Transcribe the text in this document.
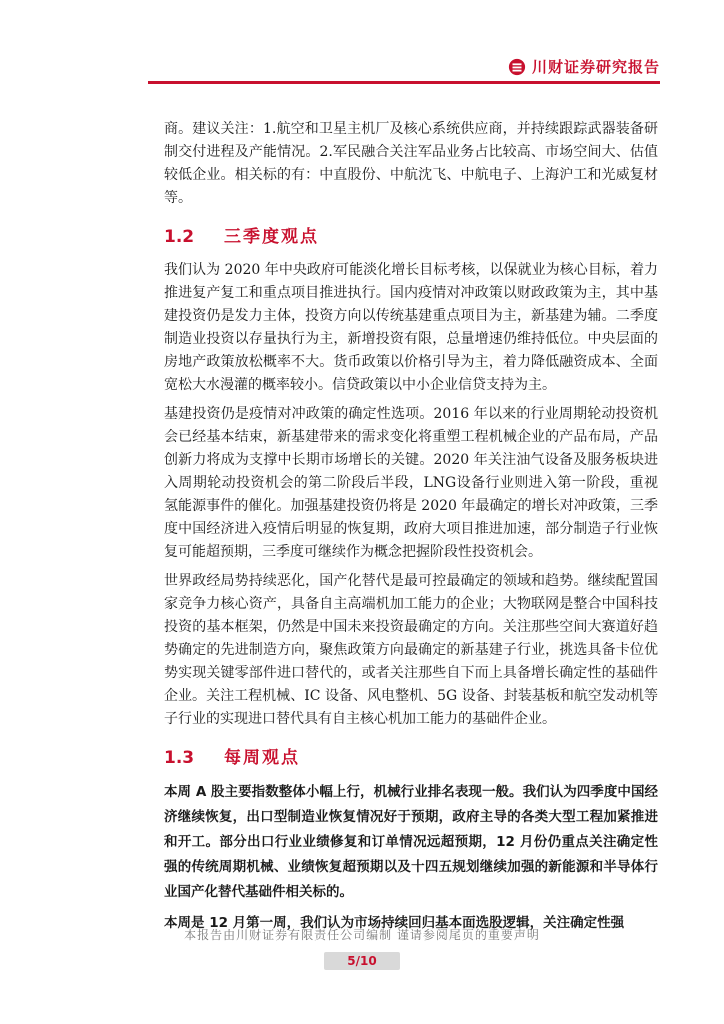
川财证券研究报告

商。建议关注：1.航空和卫星主机厂及核心系统供应商，并持续跟踪武器装备研制交付进程及产能情况。2.军民融合关注军品业务占比较高、市场空间大、估值较低企业。相关标的有：中直股份、中航沈飞、中航电子、上海沪工和光威复材等。

1.2	三季度观点

我们认为 2020 年中央政府可能淡化增长目标考核，以保就业为核心目标，着力推进复产复工和重点项目推进执行。国内疫情对冲政策以财政政策为主，其中基建投资仍是发力主体，投资方向以传统基建重点项目为主，新基建为辅。二季度制造业投资以存量执行为主，新增投资有限，总量增速仍维持低位。中央层面的房地产政策放松概率不大。货币政策以价格引导为主，着力降低融资成本、全面宽松大水漫灌的概率较小。信贷政策以中小企业信贷支持为主。

基建投资仍是疫情对冲政策的确定性选项。2016 年以来的行业周期轮动投资机会已经基本结束，新基建带来的需求变化将重塑工程机械企业的产品布局，产品创新力将成为支撑中长期市场增长的关键。2020 年关注油气设备及服务板块进入周期轮动投资机会的第二阶段后半段，LNG设备行业则进入第一阶段，重视氢能源事件的催化。加强基建投资仍将是 2020 年最确定的增长对冲政策，三季度中国经济进入疫情后明显的恢复期，政府大项目推进加速，部分制造子行业恢复可能超预期，三季度可继续作为概念把握阶段性投资机会。

世界政经局势持续恶化，国产化替代是最可控最确定的领域和趋势。继续配置国家竞争力核心资产，具备自主高端机加工能力的企业；大物联网是整合中国科技投资的基本框架，仍然是中国未来投资最确定的方向。关注那些空间大赛道好趋势确定的先进制造方向，聚焦政策方向最确定的新基建子行业，挑选具备卡位优势实现关键零部件进口替代的，或者关注那些自下而上具备增长确定性的基础件企业。关注工程机械、IC 设备、风电整机、5G 设备、封装基板和航空发动机等子行业的实现进口替代具有自主核心机加工能力的基础件企业。

1.3	每周观点

本周 A 股主要指数整体小幅上行，机械行业排名表现一般。我们认为四季度中国经济继续恢复，出口型制造业恢复情况好于预期，政府主导的各类大型工程加紧推进和开工。部分出口行业业绩修复和订单情况远超预期，12 月份仍重点关注确定性强的传统周期机械、业绩恢复超预期以及十四五规划继续加强的新能源和半导体行业国产化替代基础件相关标的。

本周是 12 月第一周，我们认为市场持续回归基本面选股逻辑，关注确定性强

本报告由川财证券有限责任公司编制 谨请参阅尾页的重要声明
5/10
